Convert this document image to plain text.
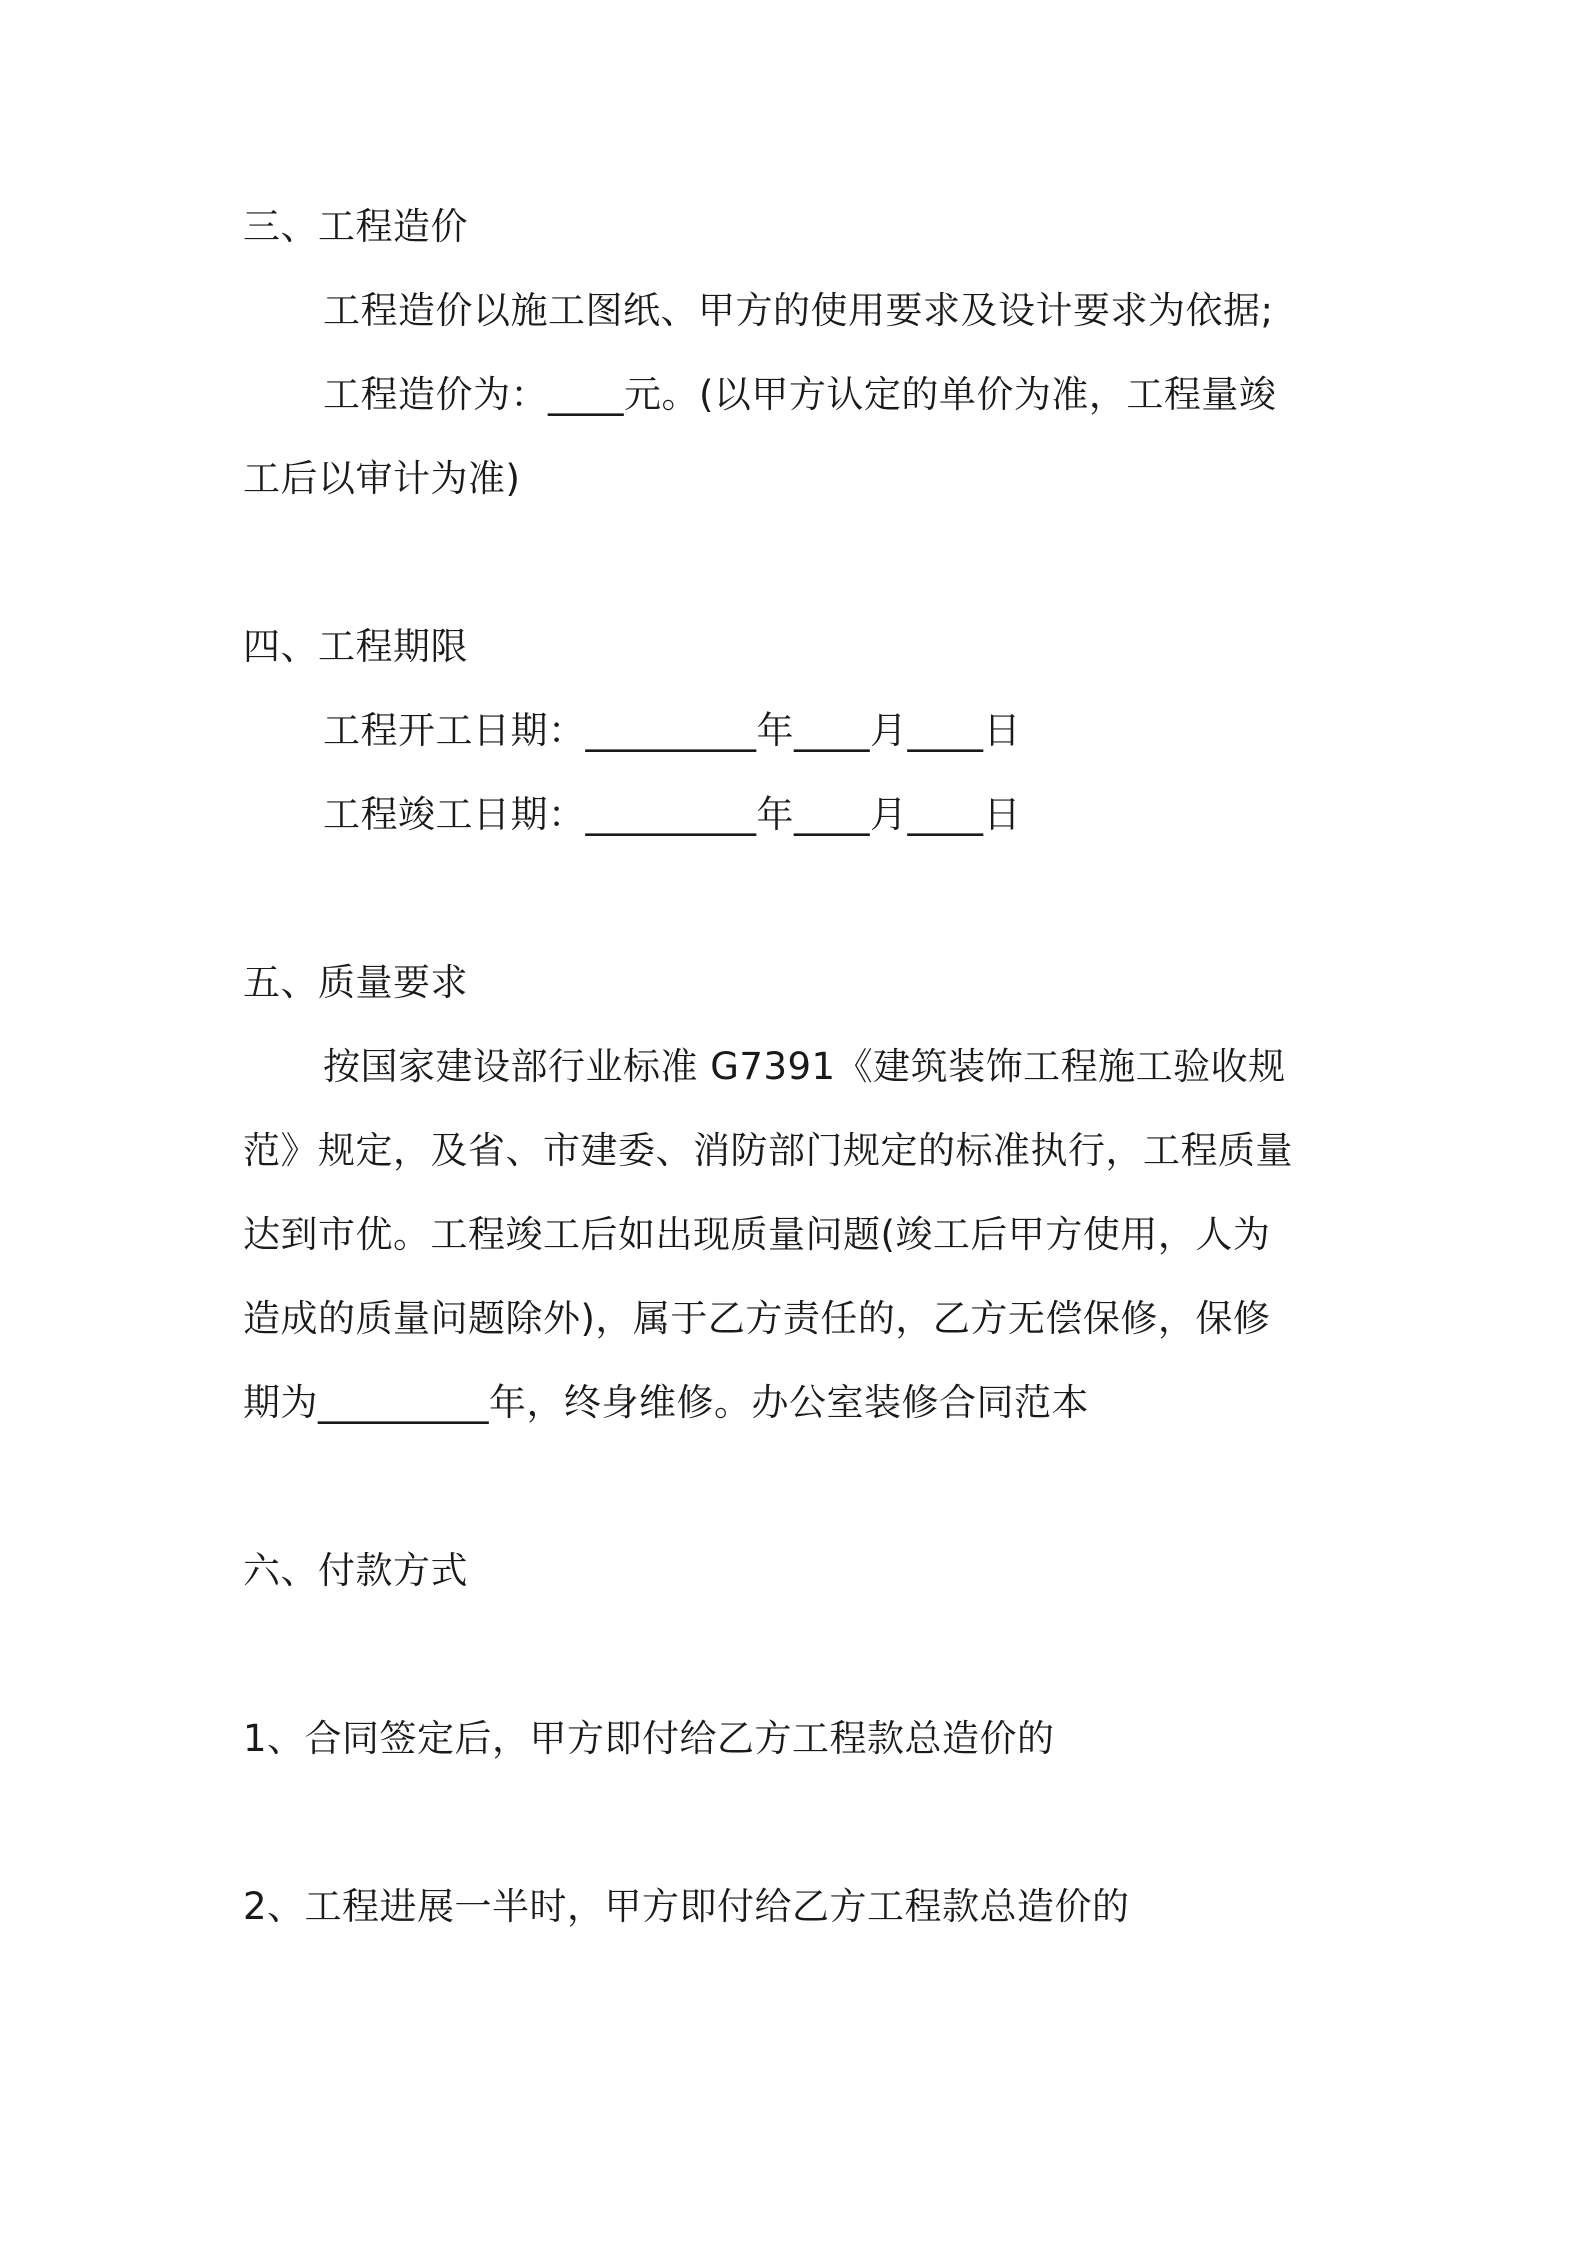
三、工程造价
工程造价以施工图纸、甲方的使用要求及设计要求为依据;
工程造价为：____元。(以甲方认定的单价为准，工程量竣
工后以审计为准)
四、工程期限
工程开工日期：_________年____月____日
工程竣工日期：_________年____月____日
五、质量要求
按国家建设部行业标准 G7391《建筑装饰工程施工验收规
范》规定，及省、市建委、消防部门规定的标准执行，工程质量
达到市优。工程竣工后如出现质量问题(竣工后甲方使用，人为
造成的质量问题除外)，属于乙方责任的，乙方无偿保修，保修
期为_________年，终身维修。办公室装修合同范本
六、付款方式
1、合同签定后，甲方即付给乙方工程款总造价的
2、工程进展一半时，甲方即付给乙方工程款总造价的
